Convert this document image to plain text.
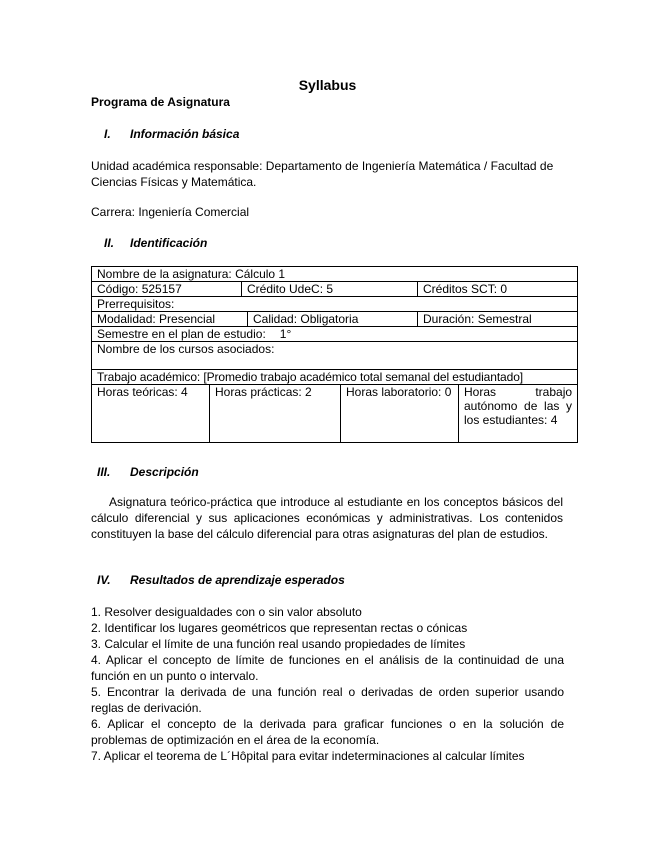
Syllabus
Programa de Asignatura
I. Información básica
Unidad académica responsable: Departamento de Ingeniería Matemática / Facultad de Ciencias Físicas y Matemática.
Carrera: Ingeniería Comercial
II. Identificación
Nombre de la asignatura: Cálculo 1						
Código: 525157		Crédito UdeC: 5			Créditos SCT: 0	
Prerrequisitos:						
Modalidad: Presencial			Calidad: Obligatoria		Duración: Semestral	
Semestre en el plan de estudio: 1°						
Nombre de los cursos asociados:						
Trabajo académico: [Promedio trabajo académico total semanal del estudiantado]						
Horas teóricas: 4	Horas prácticas: 2			Horas laboratorio: 0		Horas trabajo autónomo de las y los estudiantes: 4
III. Descripción
Asignatura teórico-práctica que introduce al estudiante en los conceptos básicos del cálculo diferencial y sus aplicaciones económicas y administrativas. Los contenidos constituyen la base del cálculo diferencial para otras asignaturas del plan de estudios.
IV. Resultados de aprendizaje esperados
1. Resolver desigualdades con o sin valor absoluto
2. Identificar los lugares geométricos que representan rectas o cónicas
3. Calcular el límite de una función real usando propiedades de límites
4. Aplicar el concepto de límite de funciones en el análisis de la continuidad de una función en un punto o intervalo.
5. Encontrar la derivada de una función real o derivadas de orden superior usando reglas de derivación.
6. Aplicar el concepto de la derivada para graficar funciones o en la solución de problemas de optimización en el área de la economía.
7. Aplicar el teorema de L´Hôpital para evitar indeterminaciones al calcular límites
